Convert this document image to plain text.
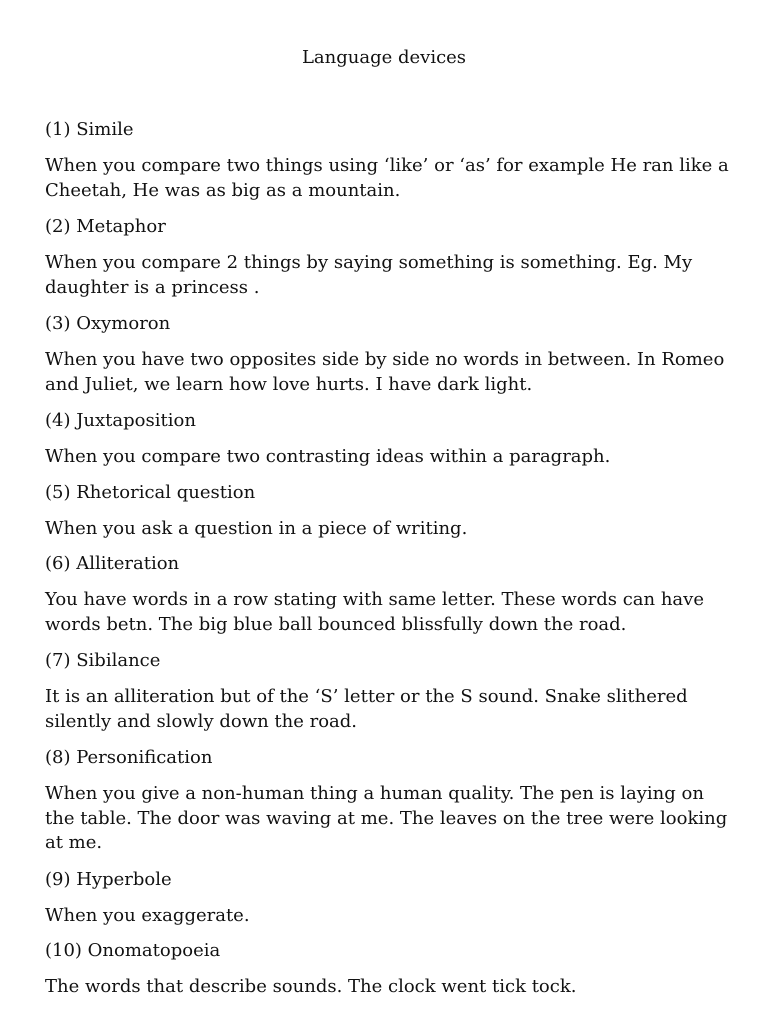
Language devices
(1) Simile
When you compare two things using ‘like’ or ‘as’ for example He ran like a Cheetah, He was as big as a mountain.
(2) Metaphor
When you compare 2 things by saying something is something. Eg. My daughter is a princess .
(3) Oxymoron
When you have two opposites side by side no words in between. In Romeo and Juliet, we learn how love hurts. I have dark light.
(4) Juxtaposition
When you compare two contrasting ideas within a paragraph.
(5) Rhetorical question
When you ask a question in a piece of writing.
(6) Alliteration
You have words in a row stating with same letter. These words can have words betn. The big blue ball bounced blissfully down the road.
(7) Sibilance
It is an alliteration but of the ‘S’ letter or the S sound. Snake slithered silently and slowly down the road.
(8) Personification
When you give a non-human thing a human quality. The pen is laying on the table. The door was waving at me. The leaves on the tree were looking at me.
(9) Hyperbole
When you exaggerate.
(10) Onomatopoeia
The words that describe sounds. The clock went tick tock.
